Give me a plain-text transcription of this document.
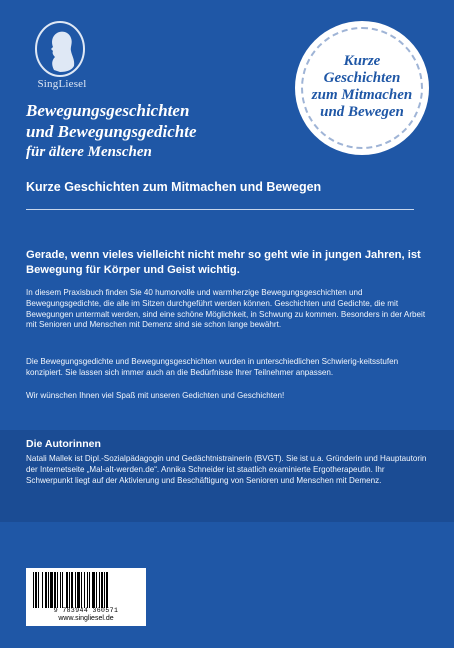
SingLiesel
Kurze
Geschichten
zum Mitmachen
und Bewegen
Bewegungsgeschichten
und Bewegungsgedichte
für ältere Menschen
Kurze Geschichten zum Mitmachen und Bewegen
Gerade, wenn vieles vielleicht nicht mehr so geht wie in jungen Jahren, ist Bewegung für Körper und Geist wichtig.
In diesem Praxisbuch finden Sie 40 humorvolle und warmherzige Bewegungsgeschichten und Bewegungsgedichte, die alle im Sitzen durchgeführt werden können. Geschichten und Gedichte, die mit Bewegungen untermalt werden, sind eine schöne Möglichkeit, in Schwung zu kommen. Besonders in der Arbeit mit Senioren und Menschen mit Demenz sind sie schon lange bewährt.
Die Bewegungsgedichte und Bewegungsgeschichten wurden in unterschiedlichen Schwierig-keitsstufen konzipiert. Sie lassen sich immer auch an die Bedürfnisse Ihrer Teilnehmer anpassen.
Wir wünschen Ihnen viel Spaß mit unseren Gedichten und Geschichten!
Die Autorinnen
Natali Mallek ist Dipl.-Sozialpädagogin und Gedächtnistrainerin (BVGT). Sie ist u.a. Gründerin und Hauptautorin der Internetseite „Mal-alt-werden.de“. Annika Schneider ist staatlich examinierte Ergotherapeutin. Ihr Schwerpunkt liegt auf der Aktivierung und Beschäftigung von Senioren und Menschen mit Demenz.
9 783944 360571
www.singliesel.de
